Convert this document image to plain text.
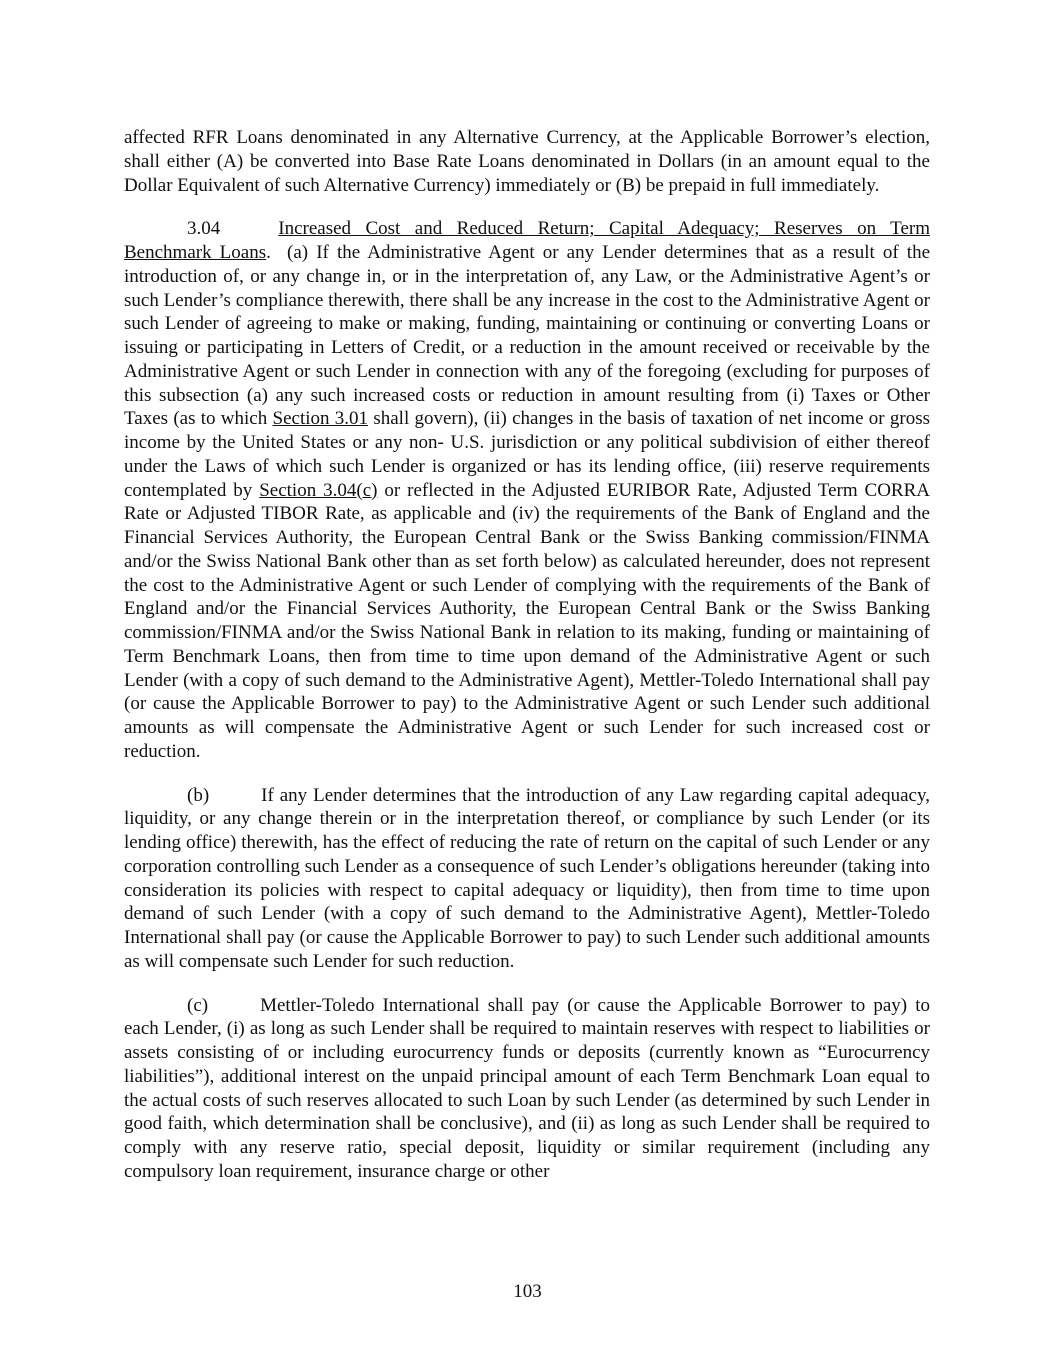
affected RFR Loans denominated in any Alternative Currency, at the Applicable Borrower’s election, shall either (A) be converted into Base Rate Loans denominated in Dollars (in an amount equal to the Dollar Equivalent of such Alternative Currency) immediately or (B) be prepaid in full immediately.

3.04	Increased Cost and Reduced Return; Capital Adequacy; Reserves on Term Benchmark Loans. (a) If the Administrative Agent or any Lender determines that as a result of the introduction of, or any change in, or in the interpretation of, any Law, or the Administrative Agent’s or such Lender’s compliance therewith, there shall be any increase in the cost to the Administrative Agent or such Lender of agreeing to make or making, funding, maintaining or continuing or converting Loans or issuing or participating in Letters of Credit, or a reduction in the amount received or receivable by the Administrative Agent or such Lender in connection with any of the foregoing (excluding for purposes of this subsection (a) any such increased costs or reduction in amount resulting from (i) Taxes or Other Taxes (as to which Section 3.01 shall govern), (ii) changes in the basis of taxation of net income or gross income by the United States or any non- U.S. jurisdiction or any political subdivision of either thereof under the Laws of which such Lender is organized or has its lending office, (iii) reserve requirements contemplated by Section 3.04(c) or reflected in the Adjusted EURIBOR Rate, Adjusted Term CORRA Rate or Adjusted TIBOR Rate, as applicable and (iv) the requirements of the Bank of England and the Financial Services Authority, the European Central Bank or the Swiss Banking commission/FINMA and/or the Swiss National Bank other than as set forth below) as calculated hereunder, does not represent the cost to the Administrative Agent or such Lender of complying with the requirements of the Bank of England and/or the Financial Services Authority, the European Central Bank or the Swiss Banking commission/FINMA and/or the Swiss National Bank in relation to its making, funding or maintaining of Term Benchmark Loans, then from time to time upon demand of the Administrative Agent or such Lender (with a copy of such demand to the Administrative Agent), Mettler-Toledo International shall pay (or cause the Applicable Borrower to pay) to the Administrative Agent or such Lender such additional amounts as will compensate the Administrative Agent or such Lender for such increased cost or reduction.

(b)	If any Lender determines that the introduction of any Law regarding capital adequacy, liquidity, or any change therein or in the interpretation thereof, or compliance by such Lender (or its lending office) therewith, has the effect of reducing the rate of return on the capital of such Lender or any corporation controlling such Lender as a consequence of such Lender’s obligations hereunder (taking into consideration its policies with respect to capital adequacy or liquidity), then from time to time upon demand of such Lender (with a copy of such demand to the Administrative Agent), Mettler-Toledo International shall pay (or cause the Applicable Borrower to pay) to such Lender such additional amounts as will compensate such Lender for such reduction.

(c)	Mettler-Toledo International shall pay (or cause the Applicable Borrower to pay) to each Lender, (i) as long as such Lender shall be required to maintain reserves with respect to liabilities or assets consisting of or including eurocurrency funds or deposits (currently known as “Eurocurrency liabilities”), additional interest on the unpaid principal amount of each Term Benchmark Loan equal to the actual costs of such reserves allocated to such Loan by such Lender (as determined by such Lender in good faith, which determination shall be conclusive), and (ii) as long as such Lender shall be required to comply with any reserve ratio, special deposit, liquidity or similar requirement (including any compulsory loan requirement, insurance charge or other

103
